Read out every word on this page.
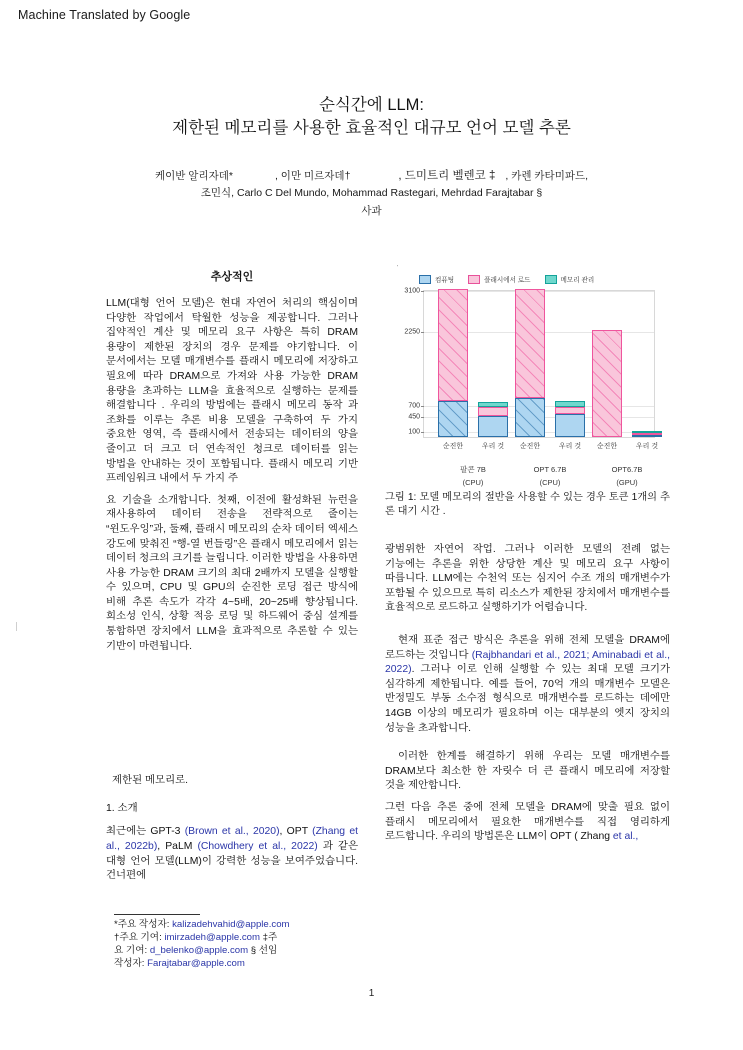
Machine Translated by Google
순식간에 LLM:
제한된 메모리를 사용한 효율적인 대규모 언어 모델 추론
케이반 알리자데*	, 이만 미르자데†	, 드미트리 벨렌코 ‡ , 카렌 카타미파드,
조민식, Carlo C Del Mundo, Mohammad Rastegari, Mehrdad Farajtabar §
사과
추상적인

LLM(대형 언어 모델)은 현대 자연어 처리의 핵심이며 다양한 작업에서 탁월한 성능을 제공합니다. 그러나 집약적인 계산 및 메모리 요구 사항은 특히 DRAM 용량이 제한된 장치의 경우 문제를 야기합니다. 이 문서에서는 모델 매개변수를 플래시 메모리에 저장하고 필요에 따라 DRAM으로 가져와 사용 가능한 DRAM 용량을 초과하는 LLM을 효율적으로 실행하는 문제를 해결합니다 . 우리의 방법에는 플래시 메모리 동작 과 조화를 이루는 추론 비용 모델을 구축하여 두 가지 중요한 영역, 즉 플래시에서 전송되는 데이터의 양을 줄이고 더 크고 더 연속적인 청크로 데이터를 읽는 방법을 안내하는 것이 포함됩니다. 플래시 메모리 기반 프레임워크 내에서 두 가지 주

요 기술을 소개합니다. 첫째, 이전에 활성화된 뉴런을 재사용하여 데이터 전송을 전략적으로 줄이는 “윈도우잉”과, 둘째, 플래시 메모리의 순차 데이터 엑세스 강도에 맞춰진 “행-열 번들링”은 플래시 메모리에서 읽는 데이터 청크의 크기를 늘립니다. 이러한 방법을 사용하면 사용 가능한 DRAM 크기의 최대 2배까지 모델을 실행할 수 있으며, CPU 및 GPU의 순진한 로딩 접근 방식에 비해 추론 속도가 각각 4~5배, 20~25배 향상됩니다. 희소성 인식, 상황 적응 로딩 및 하드웨어 중심 설계를 통합하면 장치에서 LLM을 효과적으로 추론할 수 있는 기반이 마련됩니다.

제한된 메모리로.
1. 소개

최근에는 GPT-3 (Brown et al., 2020), OPT (Zhang et al., 2022b), PaLM (Chowdhery et al., 2022) 과 같은 대형 언어 모델(LLM)이 강력한 성능을 보여주었습니다. 건너편에

*주요 작성자: kalizadehvahid@apple.com
†주요 기여: imirzadeh@apple.com ‡주
요 기여: d_belenko@apple.com § 선임
작성자: Farajtabar@apple.com
'
컴퓨팅	플래시에서 로드	메모리 관리
3100
2250
700
450
100
순진한	우리 것 순진한	우리 것 순진한	우리 것
팔콘 7B
(CPU)
OPT 6.7B
(CPU)
OPT6.7B
(GPU)
그림 1: 모델 메모리의 절반을 사용할 수 있는 경우 토큰 1개의 추론 대기 시간 .

광범위한 자연어 작업. 그러나 이러한 모델의 전례 없는 기능에는 추론을 위한 상당한 계산 및 메모리 요구 사항이 따릅니다. LLM에는 수천억 또는 심지어 수조 개의 매개변수가 포함될 수 있으므로 특히 리소스가 제한된 장치에서 매개변수를 효율적으로 로드하고 실행하기가 어렵습니다.

현재 표준 접근 방식은 추론을 위해 전체 모델을 DRAM에 로드하는 것입니다 (Rajbhandari et al., 2021; Aminabadi et al., 2022). 그러나 이로 인해 실행할 수 있는 최대 모델 크기가 심각하게 제한됩니다. 예를 들어, 70억 개의 매개변수 모델은 반정밀도 부동 소수점 형식으로 매개변수를 로드하는 데에만 14GB 이상의 메모리가 필요하며 이는 대부분의 엣지 장치의 성능을 초과합니다.

이러한 한계를 해결하기 위해 우리는 모델 매개변수를 DRAM보다 최소한 한 자릿수 더 큰 플래시 메모리에 저장할 것을 제안합니다.

그런 다음 추론 중에 전체 모델을 DRAM에 맞출 필요 없이 플래시 메모리에서 필요한 매개변수를 직접 영리하게 로드합니다. 우리의 방법론은 LLM이 OPT ( Zhang et al.,

1
